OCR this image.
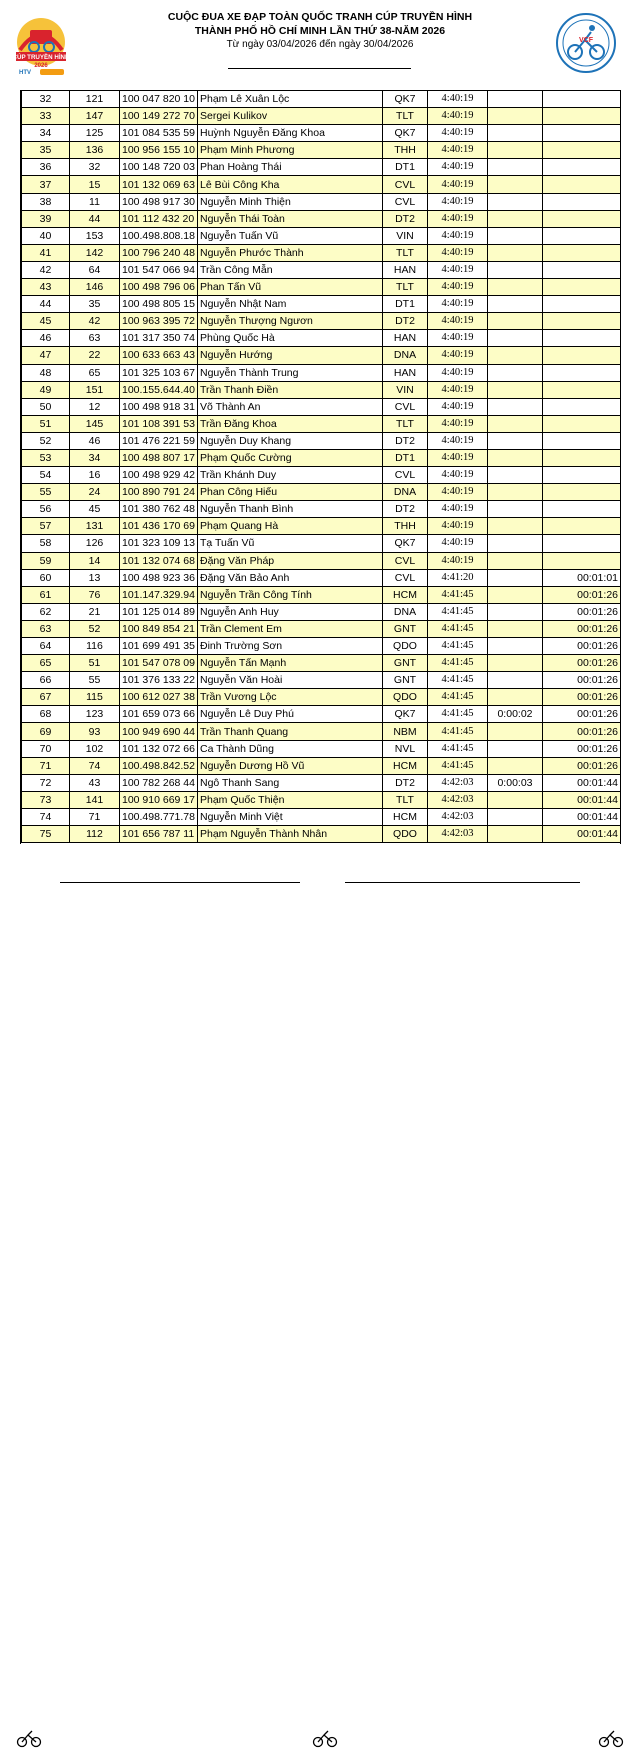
CÚP TRUYỀN HÌNH
2026
HTV
CUỘC ĐUA XE ĐẠP TOÀN QUỐC TRANH CÚP TRUYỀN HÌNH
THÀNH PHỐ HỒ CHÍ MINH LẦN THỨ 38-NĂM 2026
Từ ngày 03/04/2026 đến ngày 30/04/2026	VCF
32	121	100 047 820 10	Phạm Lê Xuân Lộc	QK7	4:40:19		
33	147	100 149 272 70	Sergei Kulikov	TLT	4:40:19		
34	125	101 084 535 59	Huỳnh Nguyễn Đăng Khoa	QK7	4:40:19		
35	136	100 956 155 10	Phạm Minh Phương	THH	4:40:19		
36	32	100 148 720 03	Phan Hoàng Thái	DT1	4:40:19		
37	15	101 132 069 63	Lê Bùi Công Kha	CVL	4:40:19		
38	11	100 498 917 30	Nguyễn Minh Thiện	CVL	4:40:19		
39	44	101 112 432 20	Nguyễn Thái Toàn	DT2	4:40:19		
40	153	100.498.808.18	Nguyễn Tuấn Vũ	VIN	4:40:19		
41	142	100 796 240 48	Nguyễn Phước Thành	TLT	4:40:19		
42	64	101 547 066 94	Trần Công Mẫn	HAN	4:40:19		
43	146	100 498 796 06	Phan Tấn Vũ	TLT	4:40:19		
44	35	100 498 805 15	Nguyễn Nhật Nam	DT1	4:40:19		
45	42	100 963 395 72	Nguyễn Thượng Ngươn	DT2	4:40:19		
46	63	101 317 350 74	Phùng Quốc Hà	HAN	4:40:19		
47	22	100 633 663 43	Nguyễn Hướng	DNA	4:40:19		
48	65	101 325 103 67	Nguyễn Thành Trung	HAN	4:40:19		
49	151	100.155.644.40	Trần Thanh Điền	VIN	4:40:19		
50	12	100 498 918 31	Võ Thành An	CVL	4:40:19		
51	145	101 108 391 53	Trần Đăng Khoa	TLT	4:40:19		
52	46	101 476 221 59	Nguyễn Duy Khang	DT2	4:40:19		
53	34	100 498 807 17	Phạm Quốc Cường	DT1	4:40:19		
54	16	100 498 929 42	Trần Khánh Duy	CVL	4:40:19		
55	24	100 890 791 24	Phan Công Hiếu	DNA	4:40:19		
56	45	101 380 762 48	Nguyễn Thanh Bình	DT2	4:40:19		
57	131	101 436 170 69	Phạm Quang Hà	THH	4:40:19		
58	126	101 323 109 13	Tạ Tuấn Vũ	QK7	4:40:19		
59	14	101 132 074 68	Đặng Văn Pháp	CVL	4:40:19		
60	13	100 498 923 36	Đặng Văn Bảo Anh	CVL	4:41:20		00:01:01
61	76	101.147.329.94	Nguyễn Trần Công Tính	HCM	4:41:45		00:01:26
62	21	101 125 014 89	Nguyễn Anh Huy	DNA	4:41:45		00:01:26
63	52	100 849 854 21	Trần Clement Em	GNT	4:41:45		00:01:26
64	116	101 699 491 35	Đinh Trường Sơn	QDO	4:41:45		00:01:26
65	51	101 547 078 09	Nguyễn Tấn Mạnh	GNT	4:41:45		00:01:26
66	55	101 376 133 22	Nguyễn Văn Hoài	GNT	4:41:45		00:01:26
67	115	100 612 027 38	Trần Vương Lộc	QDO	4:41:45		00:01:26
68	123	101 659 073 66	Nguyễn Lê Duy Phú	QK7	4:41:45	0:00:02	00:01:26
69	93	100 949 690 44	Trần Thanh Quang	NBM	4:41:45		00:01:26
70	102	101 132 072 66	Ca Thành Dũng	NVL	4:41:45		00:01:26
71	74	100.498.842.52	Nguyễn Dương Hồ Vũ	HCM	4:41:45		00:01:26
72	43	100 782 268 44	Ngô Thanh Sang	DT2	4:42:03	0:00:03	00:01:44
73	141	100 910 669 17	Phạm Quốc Thiện	TLT	4:42:03		00:01:44
74	71	100.498.771.78	Nguyễn Minh Việt	HCM	4:42:03		00:01:44
75	112	101 656 787 11	Phạm Nguyễn Thành Nhân	QDO	4:42:03		00:01:44
